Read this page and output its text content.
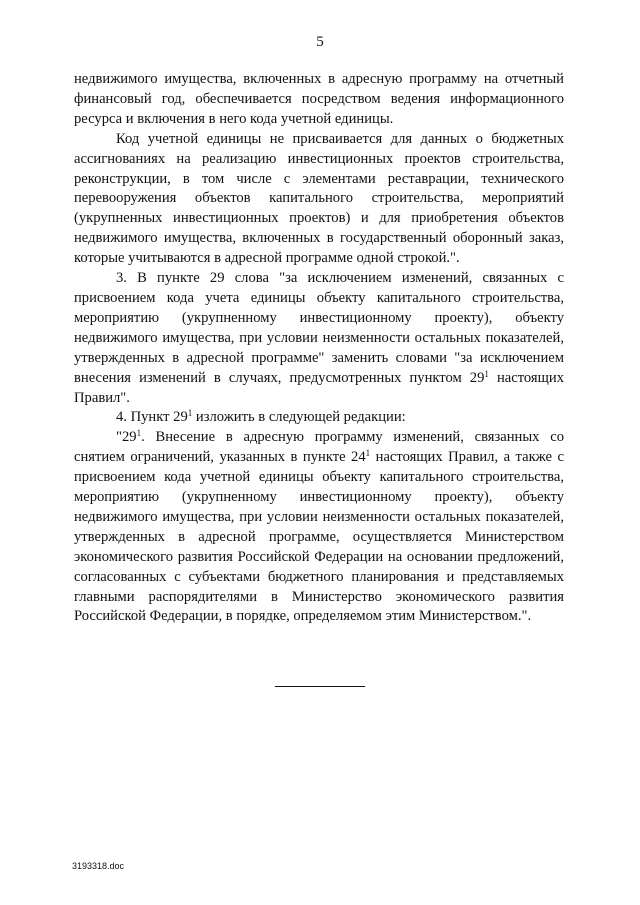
5

недвижимого имущества, включенных в адресную программу на отчетный финансовый год, обеспечивается посредством ведения информационного ресурса и включения в него кода учетной единицы.

Код учетной единицы не присваивается для данных о бюджетных ассигнованиях на реализацию инвестиционных проектов строительства, реконструкции, в том числе с элементами реставрации, технического перевооружения объектов капитального строительства, мероприятий (укрупненных инвестиционных проектов) и для приобретения объектов недвижимого имущества, включенных в государственный оборонный заказ, которые учитываются в адресной программе одной строкой.".

3. В пункте 29 слова "за исключением изменений, связанных с присвоением кода учета единицы объекту капитального строительства, мероприятию (укрупненному инвестиционному проекту), объекту недвижимого имущества, при условии неизменности остальных показателей, утвержденных в адресной программе" заменить словами "за исключением внесения изменений в случаях, предусмотренных пунктом $29^1$ настоящих Правил".

4. Пункт $29^1$ изложить в следующей редакции:

"$29^1$. Внесение в адресную программу изменений, связанных со снятием ограничений, указанных в пункте $24^1$ настоящих Правил, а также с присвоением кода учетной единицы объекту капитального строительства, мероприятию (укрупненному инвестиционному проекту), объекту недвижимого имущества, при условии неизменности остальных показателей, утвержденных в адресной программе, осуществляется Министерством экономического развития Российской Федерации на основании предложений, согласованных с субъектами бюджетного планирования и представляемых главными распорядителями в Министерство экономического развития Российской Федерации, в порядке, определяемом этим Министерством.".

3193318.doc
